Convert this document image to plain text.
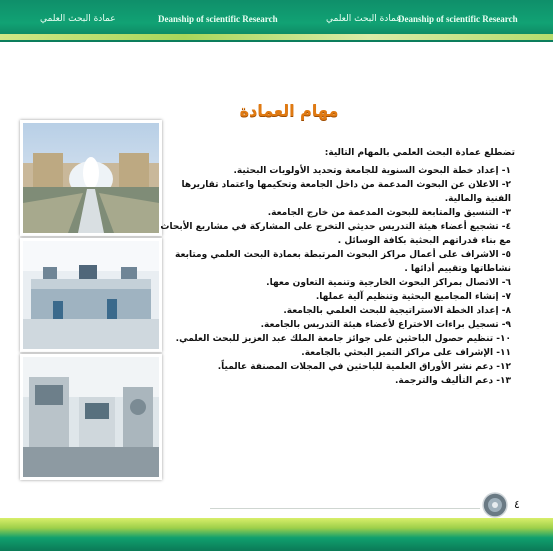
عمادة البحث العلمي	Deanship of scientific Research	عمادة البحث العلمي
Deanship of scientific Research
مهام العمادة

تضطلع عمادة البحث العلمي بالمهام التالية:

١- إعداد خطة البحوث السنوية للجامعة وتحديد الأولويات البحثية.

٢- الاعلان عن البحوث المدعمة من داخل الجامعة وتحكيمها واعتماد تقاريرها الفنية والمالية.

٣- التنسيق والمتابعة للبحوث المدعمة من خارج الجامعة.

٤- تشجيع أعضاء هيئة التدريس حديثي التخرج على المشاركة في مشاريع الأبحاث مع بناء قدراتهم البحثية بكافة الوسائل .

٥- الاشراف على أعمال مراكز البحوث المرتبطة بعمادة البحث العلمي ومتابعة نشاطاتها وتقييم أدائها .

٦- الاتصال بمراكز البحوث الخارجية وتنمية التعاون معها.

٧- إنشاء المجاميع البحثية وتنظيم آلية عملها.

٨- إعداد الخطة الاستراتيجية للبحث العلمي بالجامعة.

٩- تسجيل براءات الاختراع لأعضاء هيئة التدريس بالجامعة.

١٠- تنظيم حصول الباحثين على جوائز جامعة الملك عبد العزيز للبحث العلمي.

١١- الإشراف على مراكز التميز البحثي بالجامعة.

١٢- دعم نشر الأوراق العلمية للباحثين في المجلات المصنفة عالمياً.

١٣- دعم التأليف والترجمة.

٤
